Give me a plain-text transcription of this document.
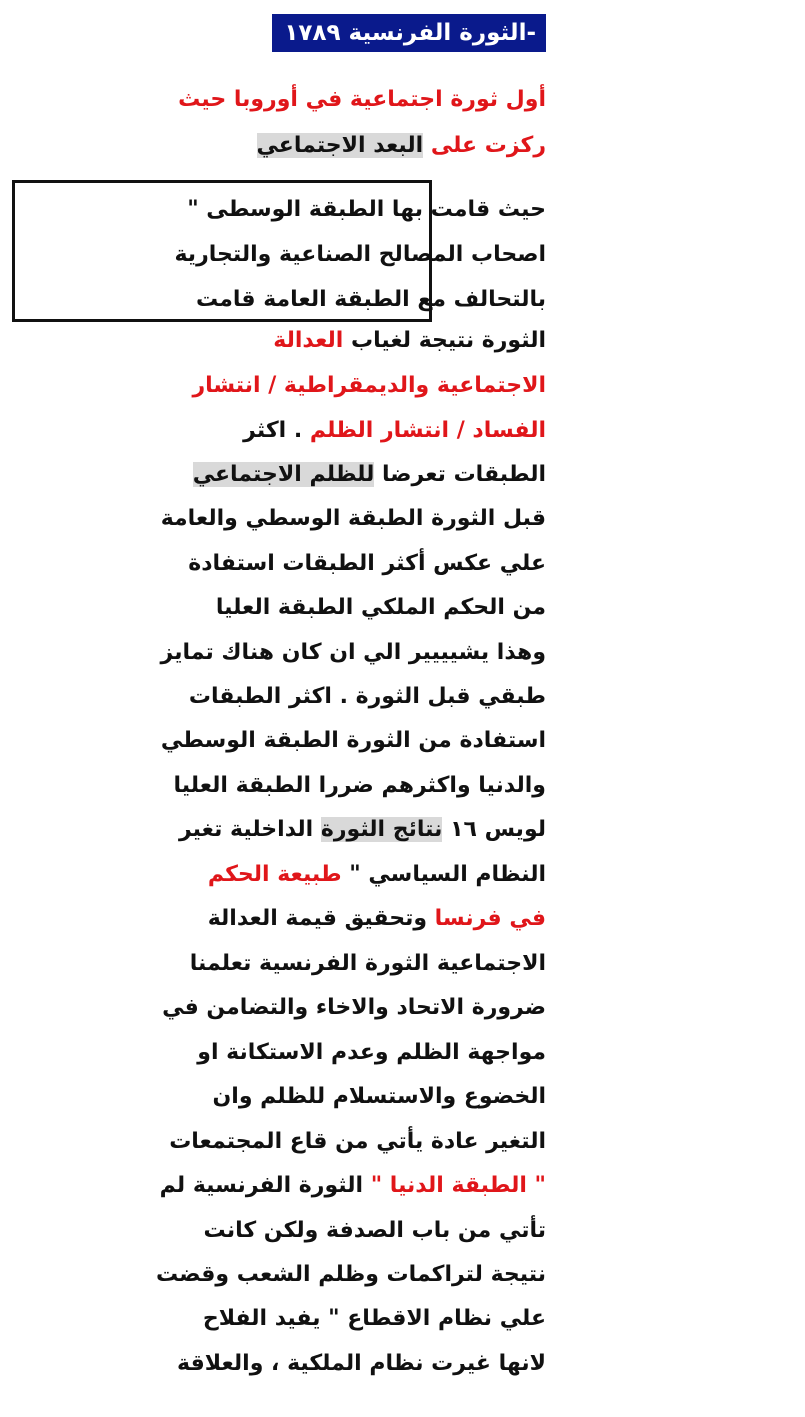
-الثورة الفرنسية ١٧٨٩
أول ثورة اجتماعية في أوروبا حيث
ركزت على البعد الاجتماعي
حيث قامت بها الطبقة الوسطى "
اصحاب المصالح الصناعية والتجارية
بالتحالف مع الطبقة العامة قامت
الثورة نتيجة لغياب العدالة
الاجتماعية والديمقراطية / انتشار
الفساد / انتشار الظلم . اكثر
الطبقات تعرضا للظلم الاجتماعي
قبل الثورة الطبقة الوسطي والعامة
علي عكس أكثر الطبقات استفادة
من الحكم الملكي الطبقة العليا
وهذا يشيييير الي ان كان هناك تمايز
طبقي قبل الثورة . اكثر الطبقات
استفادة من الثورة الطبقة الوسطي
والدنيا واكثرهم ضررا الطبقة العليا
لويس ١٦ نتائج الثورة الداخلية تغير
النظام السياسي " طبيعة الحكم
في فرنسا وتحقيق قيمة العدالة
الاجتماعية الثورة الفرنسية تعلمنا
ضرورة الاتحاد والاخاء والتضامن في
مواجهة الظلم وعدم الاستكانة او
الخضوع والاستسلام للظلم وان
التغير عادة يأتي من قاع المجتمعات
" الطبقة الدنيا " الثورة الفرنسية لم
تأتي من باب الصدفة ولكن كانت
نتيجة لتراكمات وظلم الشعب وقضت
علي نظام الاقطاع " يفيد الفلاح
لانها غيرت نظام الملكية ، والعلاقة
